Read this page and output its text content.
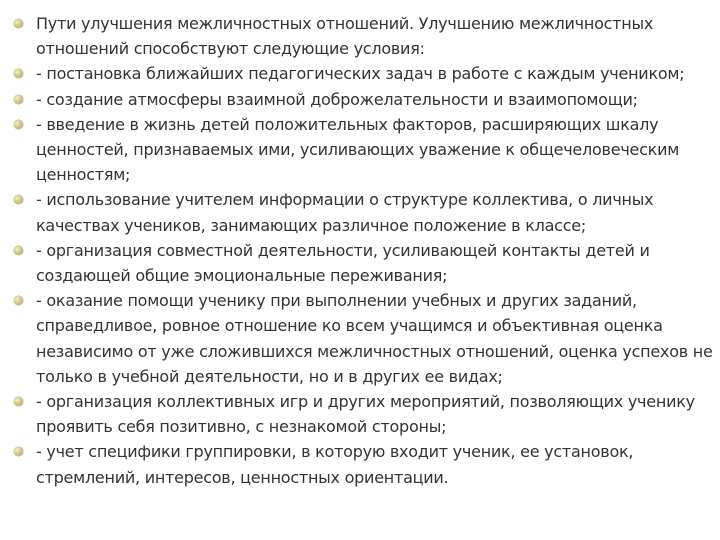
Пути улучшения межличностных отношений. Улучшению межличностных отношений способствуют следующие условия:
- постановка ближайших педагогических задач в работе с каждым учеником;
- создание атмосферы взаимной доброжелательности и взаимопомощи;
- введение в жизнь детей положительных факторов, расширяющих шкалу ценностей, признаваемых ими, усиливающих уважение к общечеловеческим ценностям;
- использование учителем информации о структуре коллектива, о личных качествах учеников, занимающих различное положение в классе;
- организация совместной деятельности, усиливающей контакты детей и создающей общие эмоциональные переживания;
- оказание помощи ученику при выполнении учебных и других заданий, справедливое, ровное отношение ко всем учащимся и объективная оценка независимо от уже сложившихся межличностных отношений, оценка успехов не только в учебной деятельности, но и в других ее видах;
- организация коллективных игр и других мероприятий, позволяющих ученику проявить себя позитивно, с незнакомой стороны;
- учет специфики группировки, в которую входит ученик, ее установок, стремлений, интересов, ценностных ориентации.
